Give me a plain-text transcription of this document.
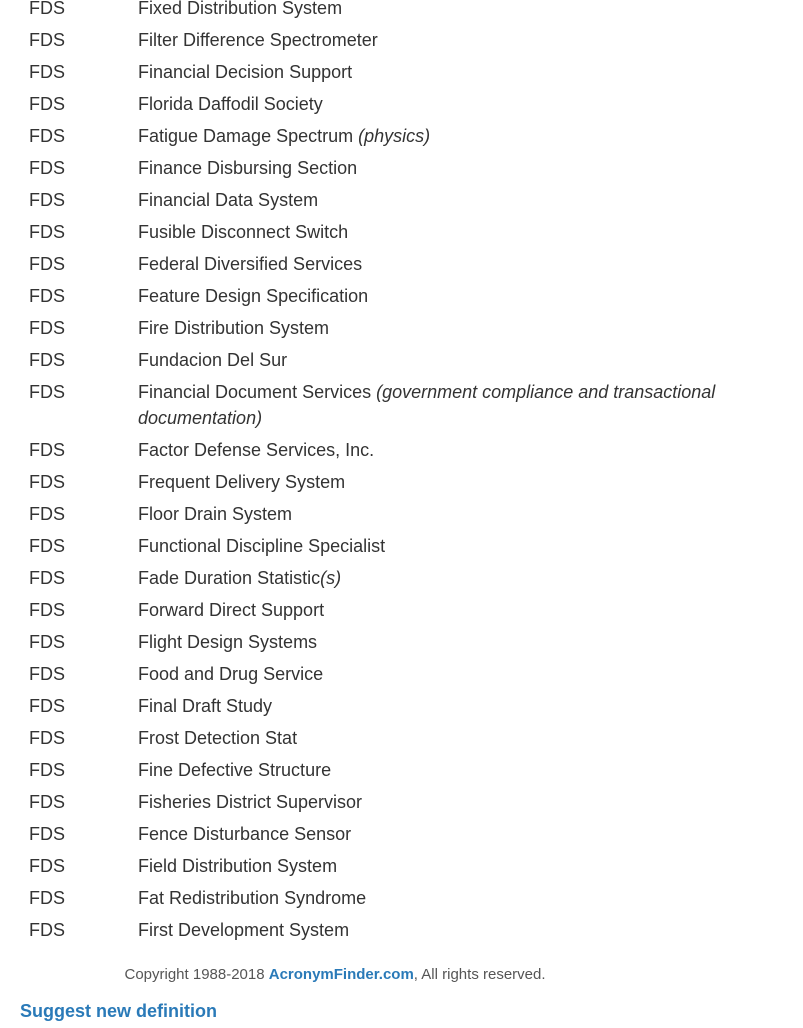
FDS	Fixed Distribution System
FDS	Filter Difference Spectrometer
FDS	Financial Decision Support
FDS	Florida Daffodil Society
FDS	Fatigue Damage Spectrum (physics)
FDS	Finance Disbursing Section
FDS	Financial Data System
FDS	Fusible Disconnect Switch
FDS	Federal Diversified Services
FDS	Feature Design Specification
FDS	Fire Distribution System
FDS	Fundacion Del Sur
FDS	Financial Document Services (government compliance and transactional documentation)
FDS	Factor Defense Services, Inc.
FDS	Frequent Delivery System
FDS	Floor Drain System
FDS	Functional Discipline Specialist
FDS	Fade Duration Statistic(s)
FDS	Forward Direct Support
FDS	Flight Design Systems
FDS	Food and Drug Service
FDS	Final Draft Study
FDS	Frost Detection Stat
FDS	Fine Defective Structure
FDS	Fisheries District Supervisor
FDS	Fence Disturbance Sensor
FDS	Field Distribution System
FDS	Fat Redistribution Syndrome
FDS	First Development System
Copyright 1988-2018 AcronymFinder.com, All rights reserved.
Suggest new definition
